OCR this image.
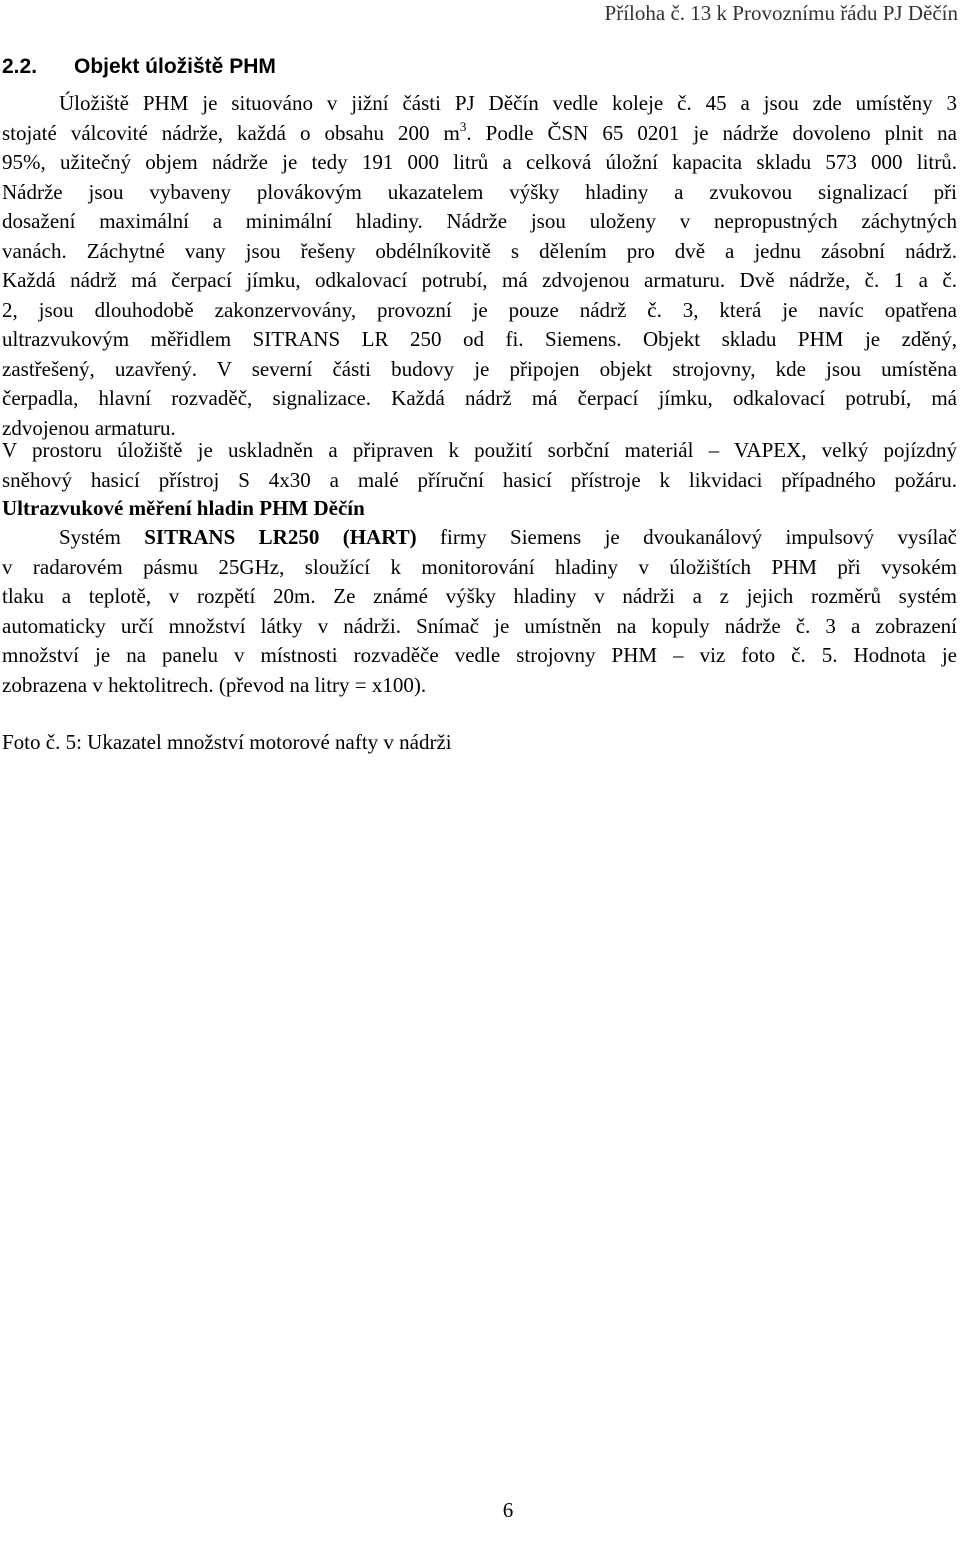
Příloha č. 13 k Provoznímu řádu PJ Děčín
2.2. Objekt úložiště PHM
Úložiště PHM je situováno v jižní části PJ Děčín vedle koleje č. 45 a jsou zde umístěny 3
stojaté válcovité nádrže, každá o obsahu 200 $m^3$. Podle ČSN 65 0201 je nádrže dovoleno plnit na
95%, užitečný objem nádrže je tedy 191 000 litrů a celková úložní kapacita skladu 573 000 litrů.
Nádrže jsou vybaveny plovákovým ukazatelem výšky hladiny a zvukovou signalizací při
dosažení maximální a minimální hladiny. Nádrže jsou uloženy v nepropustných záchytných
vanách. Záchytné vany jsou řešeny obdélníkovitě s dělením pro dvě a jednu zásobní nádrž.
Každá nádrž má čerpací jímku, odkalovací potrubí, má zdvojenou armaturu. Dvě nádrže, č. 1 a č.
2, jsou dlouhodobě zakonzervovány, provozní je pouze nádrž č. 3, která je navíc opatřena
ultrazvukovým měřidlem SITRANS LR 250 od fi. Siemens. Objekt skladu PHM je zděný,
zastřešený, uzavřený. V severní části budovy je připojen objekt strojovny, kde jsou umístěna
čerpadla, hlavní rozvaděč, signalizace. Každá nádrž má čerpací jímku, odkalovací potrubí, má
zdvojenou armaturu.
V prostoru úložiště je uskladněn a připraven k použití sorbční materiál – VAPEX, velký pojízdný
sněhový hasicí přístroj S 4x30 a malé příruční hasicí přístroje k likvidaci případného požáru.
Ultrazvukové měření hladin PHM Děčín
Systém SITRANS LR250 (HART) firmy Siemens je dvoukanálový impulsový vysílač
v radarovém pásmu 25GHz, sloužící k monitorování hladiny v úložištích PHM při vysokém
tlaku a teplotě, v rozpětí 20m. Ze známé výšky hladiny v nádrži a z jejich rozměrů systém
automaticky určí množství látky v nádrži. Snímač je umístněn na kopuly nádrže č. 3 a zobrazení
množství je na panelu v místnosti rozvaděče vedle strojovny PHM – viz foto č. 5. Hodnota je
zobrazena v hektolitrech. (převod na litry = x100).
Foto č. 5: Ukazatel množství motorové nafty v nádrži
6
